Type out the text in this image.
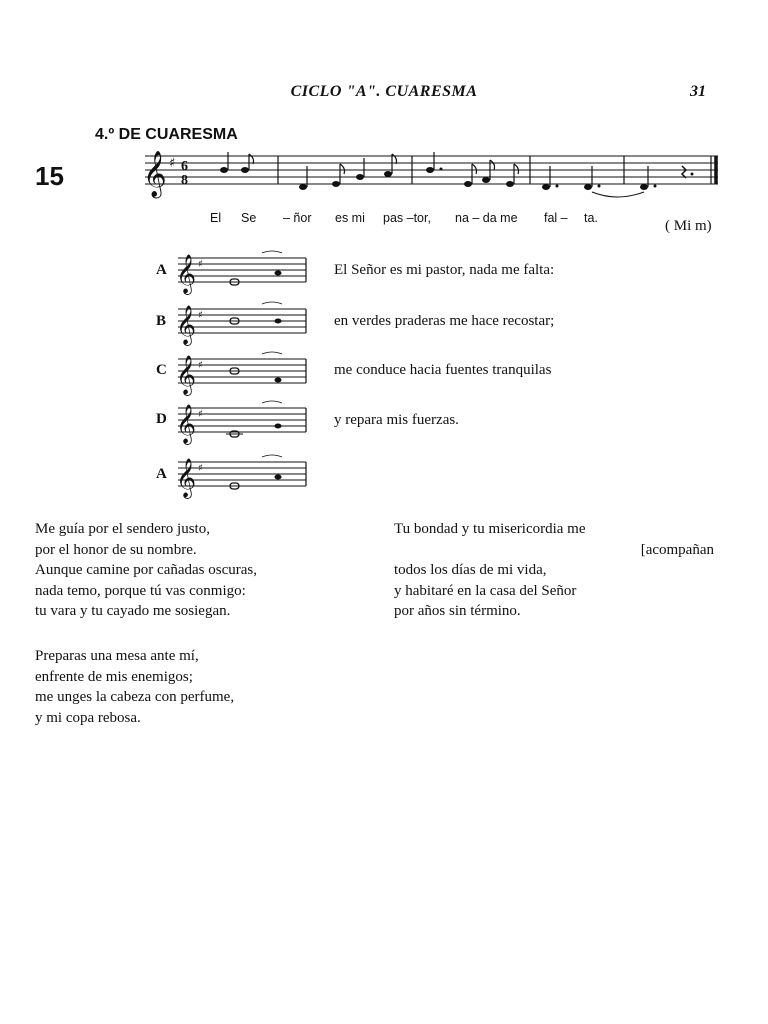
CICLO "A". CUARESMA	31
4.º DE CUARESMA
15 𝄞 ♯ 6
8
El Se – ñor es mi pas –tor, na – da me fal – ta.	( Mi m)
A 𝄞 ♯	El Señor es mi pastor, nada me falta:
B 𝄞 ♯	en verdes praderas me hace recostar;
C 𝄞 ♯	me conduce hacia fuentes tranquilas
D 𝄞 ♯	y repara mis fuerzas.
A 𝄞 ♯
Me guía por el sendero justo,
por el honor de su nombre.
Aunque camine por cañadas oscuras,
nada temo, porque tú vas conmigo:
tu vara y tu cayado me sosiegan.
Preparas una mesa ante mí,
enfrente de mis enemigos;
me unges la cabeza con perfume,
y mi copa rebosa.
Tu bondad y tu misericordia me
[acompañan
todos los días de mi vida,
y habitaré en la casa del Señor
por años sin término.
